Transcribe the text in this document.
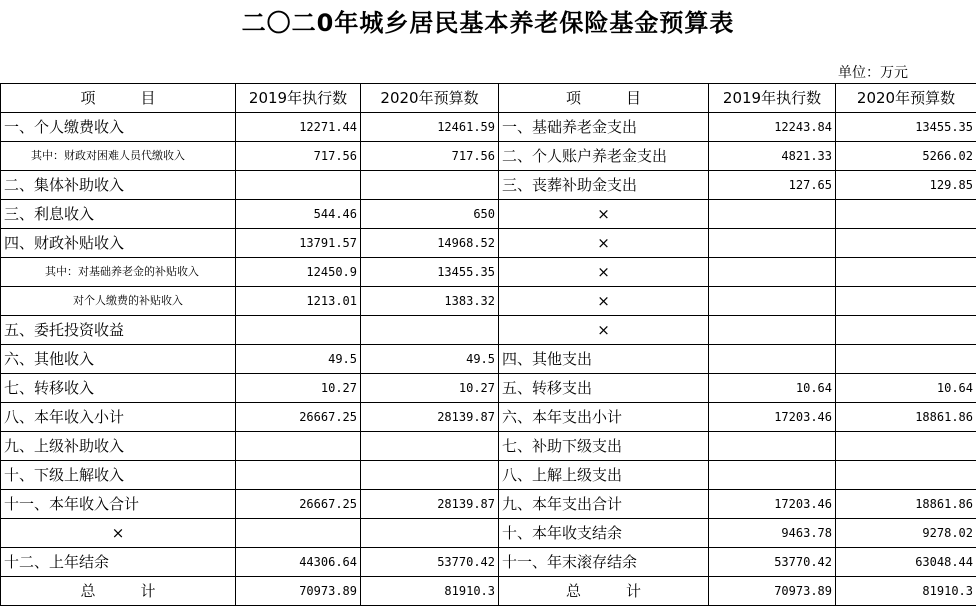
二〇二0年城乡居民基本养老保险基金预算表
单位：万元
项　　　目	2019年执行数	2020年预算数	项　　　目	2019年执行数	2020年预算数
一、个人缴费收入	12271.44	12461.59	一、基础养老金支出	12243.84	13455.35
其中：财政对困难人员代缴收入	717.56	717.56	二、个人账户养老金支出	4821.33	5266.02
二、集体补助收入			三、丧葬补助金支出	127.65	129.85
三、利息收入	544.46	650	×		
四、财政补贴收入	13791.57	14968.52	×		
其中：对基础养老金的补贴收入	12450.9	13455.35	×		
对个人缴费的补贴收入	1213.01	1383.32	×		
五、委托投资收益			×		
六、其他收入	49.5	49.5	四、其他支出		
七、转移收入	10.27	10.27	五、转移支出	10.64	10.64
八、本年收入小计	26667.25	28139.87	六、本年支出小计	17203.46	18861.86
九、上级补助收入			七、补助下级支出		
十、下级上解收入			八、上解上级支出		
十一、本年收入合计	26667.25	28139.87	九、本年支出合计	17203.46	18861.86
×			十、本年收支结余	9463.78	9278.02
十二、上年结余	44306.64	53770.42	十一、年末滚存结余	53770.42	63048.44
总　　　计	70973.89	81910.3	总　　　计	70973.89	81910.3
